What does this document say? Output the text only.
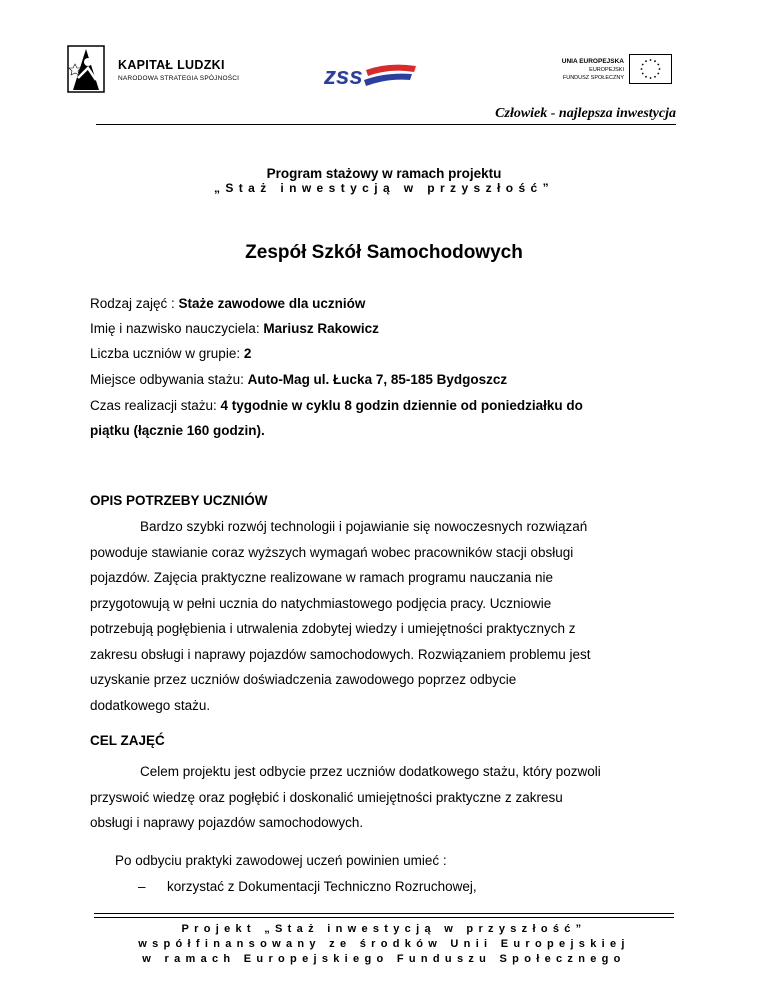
KAPITAŁ LUDZKI
NARODOWA STRATEGIA SPÓJNOŚCI	zss
UNIA EUROPEJSKA
EUROPEJSKI
FUNDUSZ SPOŁECZNY
Człowiek - najlepsza inwestycja
Program stażowy w ramach projektu
„Staż inwestycją w przyszłość”
Zespół Szkół Samochodowych
Rodzaj zajęć : Staże zawodowe dla uczniów
Imię i nazwisko nauczyciela: Mariusz Rakowicz
Liczba uczniów w grupie: 2
Miejsce odbywania stażu: Auto-Mag ul. Łucka 7, 85-185 Bydgoszcz
Czas realizacji stażu: 4 tygodnie w cyklu 8 godzin dziennie od poniedziałku do
piątku (łącznie 160 godzin).
OPIS POTRZEBY UCZNIÓW
Bardzo szybki rozwój technologii i pojawianie się nowoczesnych rozwiązań
powoduje stawianie coraz wyższych wymagań wobec pracowników stacji obsługi
pojazdów. Zajęcia praktyczne realizowane w ramach programu nauczania nie
przygotowują w pełni ucznia do natychmiastowego podjęcia pracy. Uczniowie
potrzebują pogłębienia i utrwalenia zdobytej wiedzy i umiejętności praktycznych z
zakresu obsługi i naprawy pojazdów samochodowych. Rozwiązaniem problemu jest
uzyskanie przez uczniów doświadczenia zawodowego poprzez odbycie
dodatkowego stażu.
CEL ZAJĘĆ
Celem projektu jest odbycie przez uczniów dodatkowego stażu, który pozwoli
przyswoić wiedzę oraz pogłębić i doskonalić umiejętności praktyczne z zakresu
obsługi i naprawy pojazdów samochodowych.
Po odbyciu praktyki zawodowej uczeń powinien umieć :
– korzystać z Dokumentacji Techniczno Rozruchowej,
Projekt „Staż inwestycją w przyszłość”
współfinansowany ze środków Unii Europejskiej
w ramach Europejskiego Funduszu Społecznego
